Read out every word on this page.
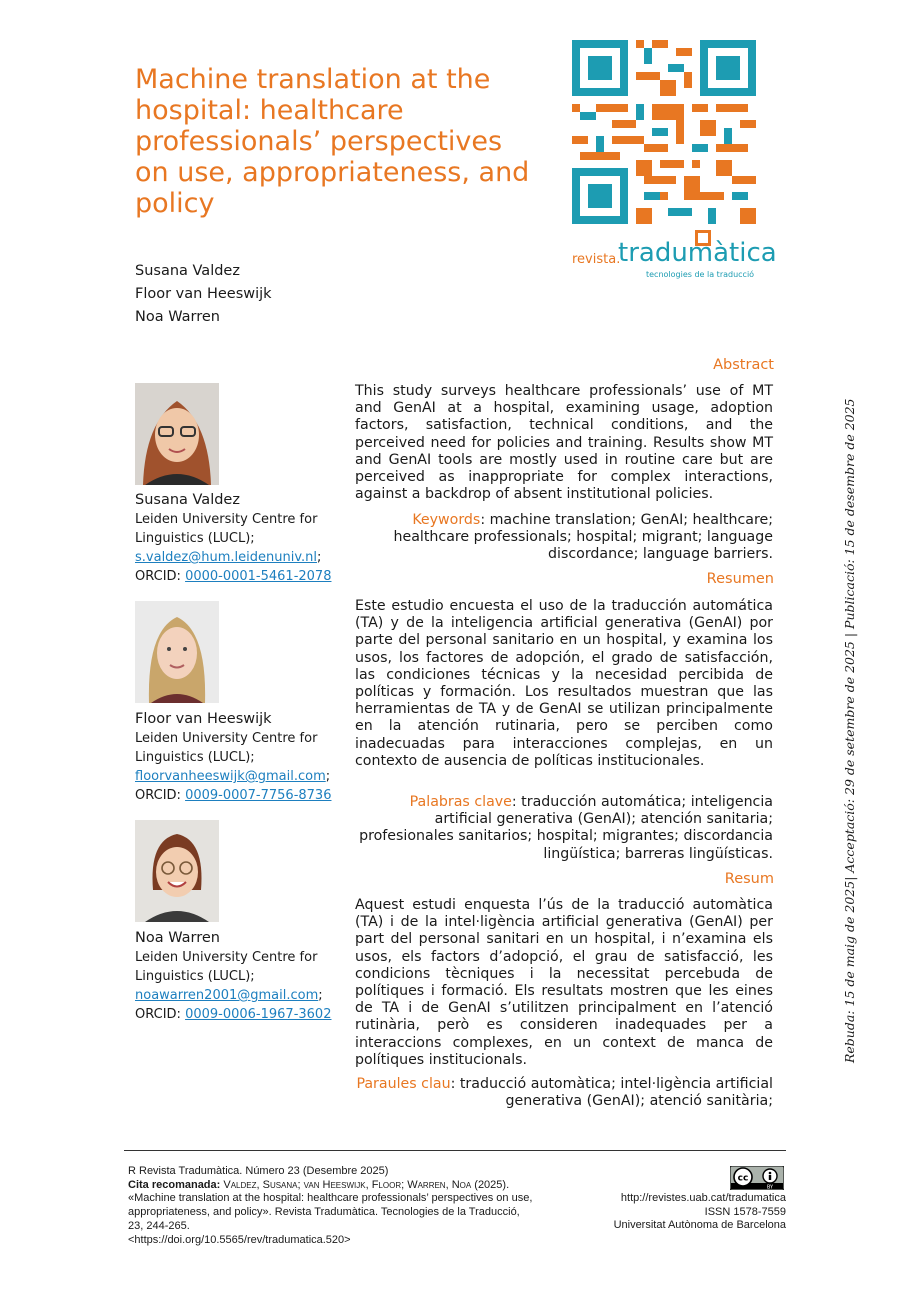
Machine translation at the hospital: healthcare professionals’ perspectives on use, appropriateness, and policy
Susana Valdez
Floor van Heeswijk
Noa Warren
revista.
tradumàtica
tecnologies de la traducció
Susana Valdez
Leiden University Centre for Linguistics (LUCL);
s.valdez@hum.leidenuniv.nl;
ORCID: 0000-0001-5461-2078
Floor van Heeswijk
Leiden University Centre for Linguistics (LUCL);
floorvanheeswijk@gmail.com;
ORCID: 0009-0007-7756-8736
Noa Warren
Leiden University Centre for Linguistics (LUCL);
noawarren2001@gmail.com;
ORCID: 0009-0006-1967-3602
Abstract

This study surveys healthcare professionals’ use of MT and GenAI at a hospital, examining usage, adoption factors, satisfaction, technical conditions, and the perceived need for policies and training. Results show MT and GenAI tools are mostly used in routine care but are perceived as inappropriate for complex interactions, against a backdrop of absent institutional policies.

Keywords: machine translation; GenAI; healthcare; healthcare professionals; hospital; migrant; language discordance; language barriers.

Resumen

Este estudio encuesta el uso de la traducción automática (TA) y de la inteligencia artificial generativa (GenAI) por parte del personal sanitario en un hospital, y examina los usos, los factores de adopción, el grado de satisfacción, las condiciones técnicas y la necesidad percibida de políticas y formación. Los resultados muestran que las herramientas de TA y de GenAI se utilizan principalmente en la atención rutinaria, pero se perciben como inadecuadas para interacciones complejas, en un contexto de ausencia de políticas institucionales.

Palabras clave: traducción automática; inteligencia artificial generativa (GenAI); atención sanitaria; profesionales sanitarios; hospital; migrantes; discordancia lingüística; barreras lingüísticas.

Resum

Aquest estudi enquesta l’ús de la traducció automàtica (TA) i de la intel·ligència artificial generativa (GenAI) per part del personal sanitari en un hospital, i n’examina els usos, els factors d’adopció, el grau de satisfacció, les condicions tècniques i la necessitat percebuda de polítiques i formació. Els resultats mostren que les eines de TA i de GenAI s’utilitzen principalment en l’atenció rutinària, però es consideren inadequades per a interaccions complexes, en un context de manca de polítiques institucionals.

Paraules clau: traducció automàtica; intel·ligència artificial generativa (GenAI); atenció sanitària;

Rebuda: 15 de maig de 2025| Acceptació: 29 de setembre de 2025 | Publicació: 15 de desembre de 2025
R Revista Tradumàtica. Número 23 (Desembre 2025)
Cita recomanada: Valdez, Susana; van Heeswijk, Floor; Warren, Noa (2025). «Machine translation at the hospital: healthcare professionals’ perspectives on use, appropriateness, and policy». Revista Tradumàtica. Tecnologies de la Traducció, 23, 244-265.
<https://doi.org/10.5565/rev/tradumatica.520>
cc
BY
http://revistes.uab.cat/tradumatica
ISSN 1578-7559
Universitat Autònoma de Barcelona
